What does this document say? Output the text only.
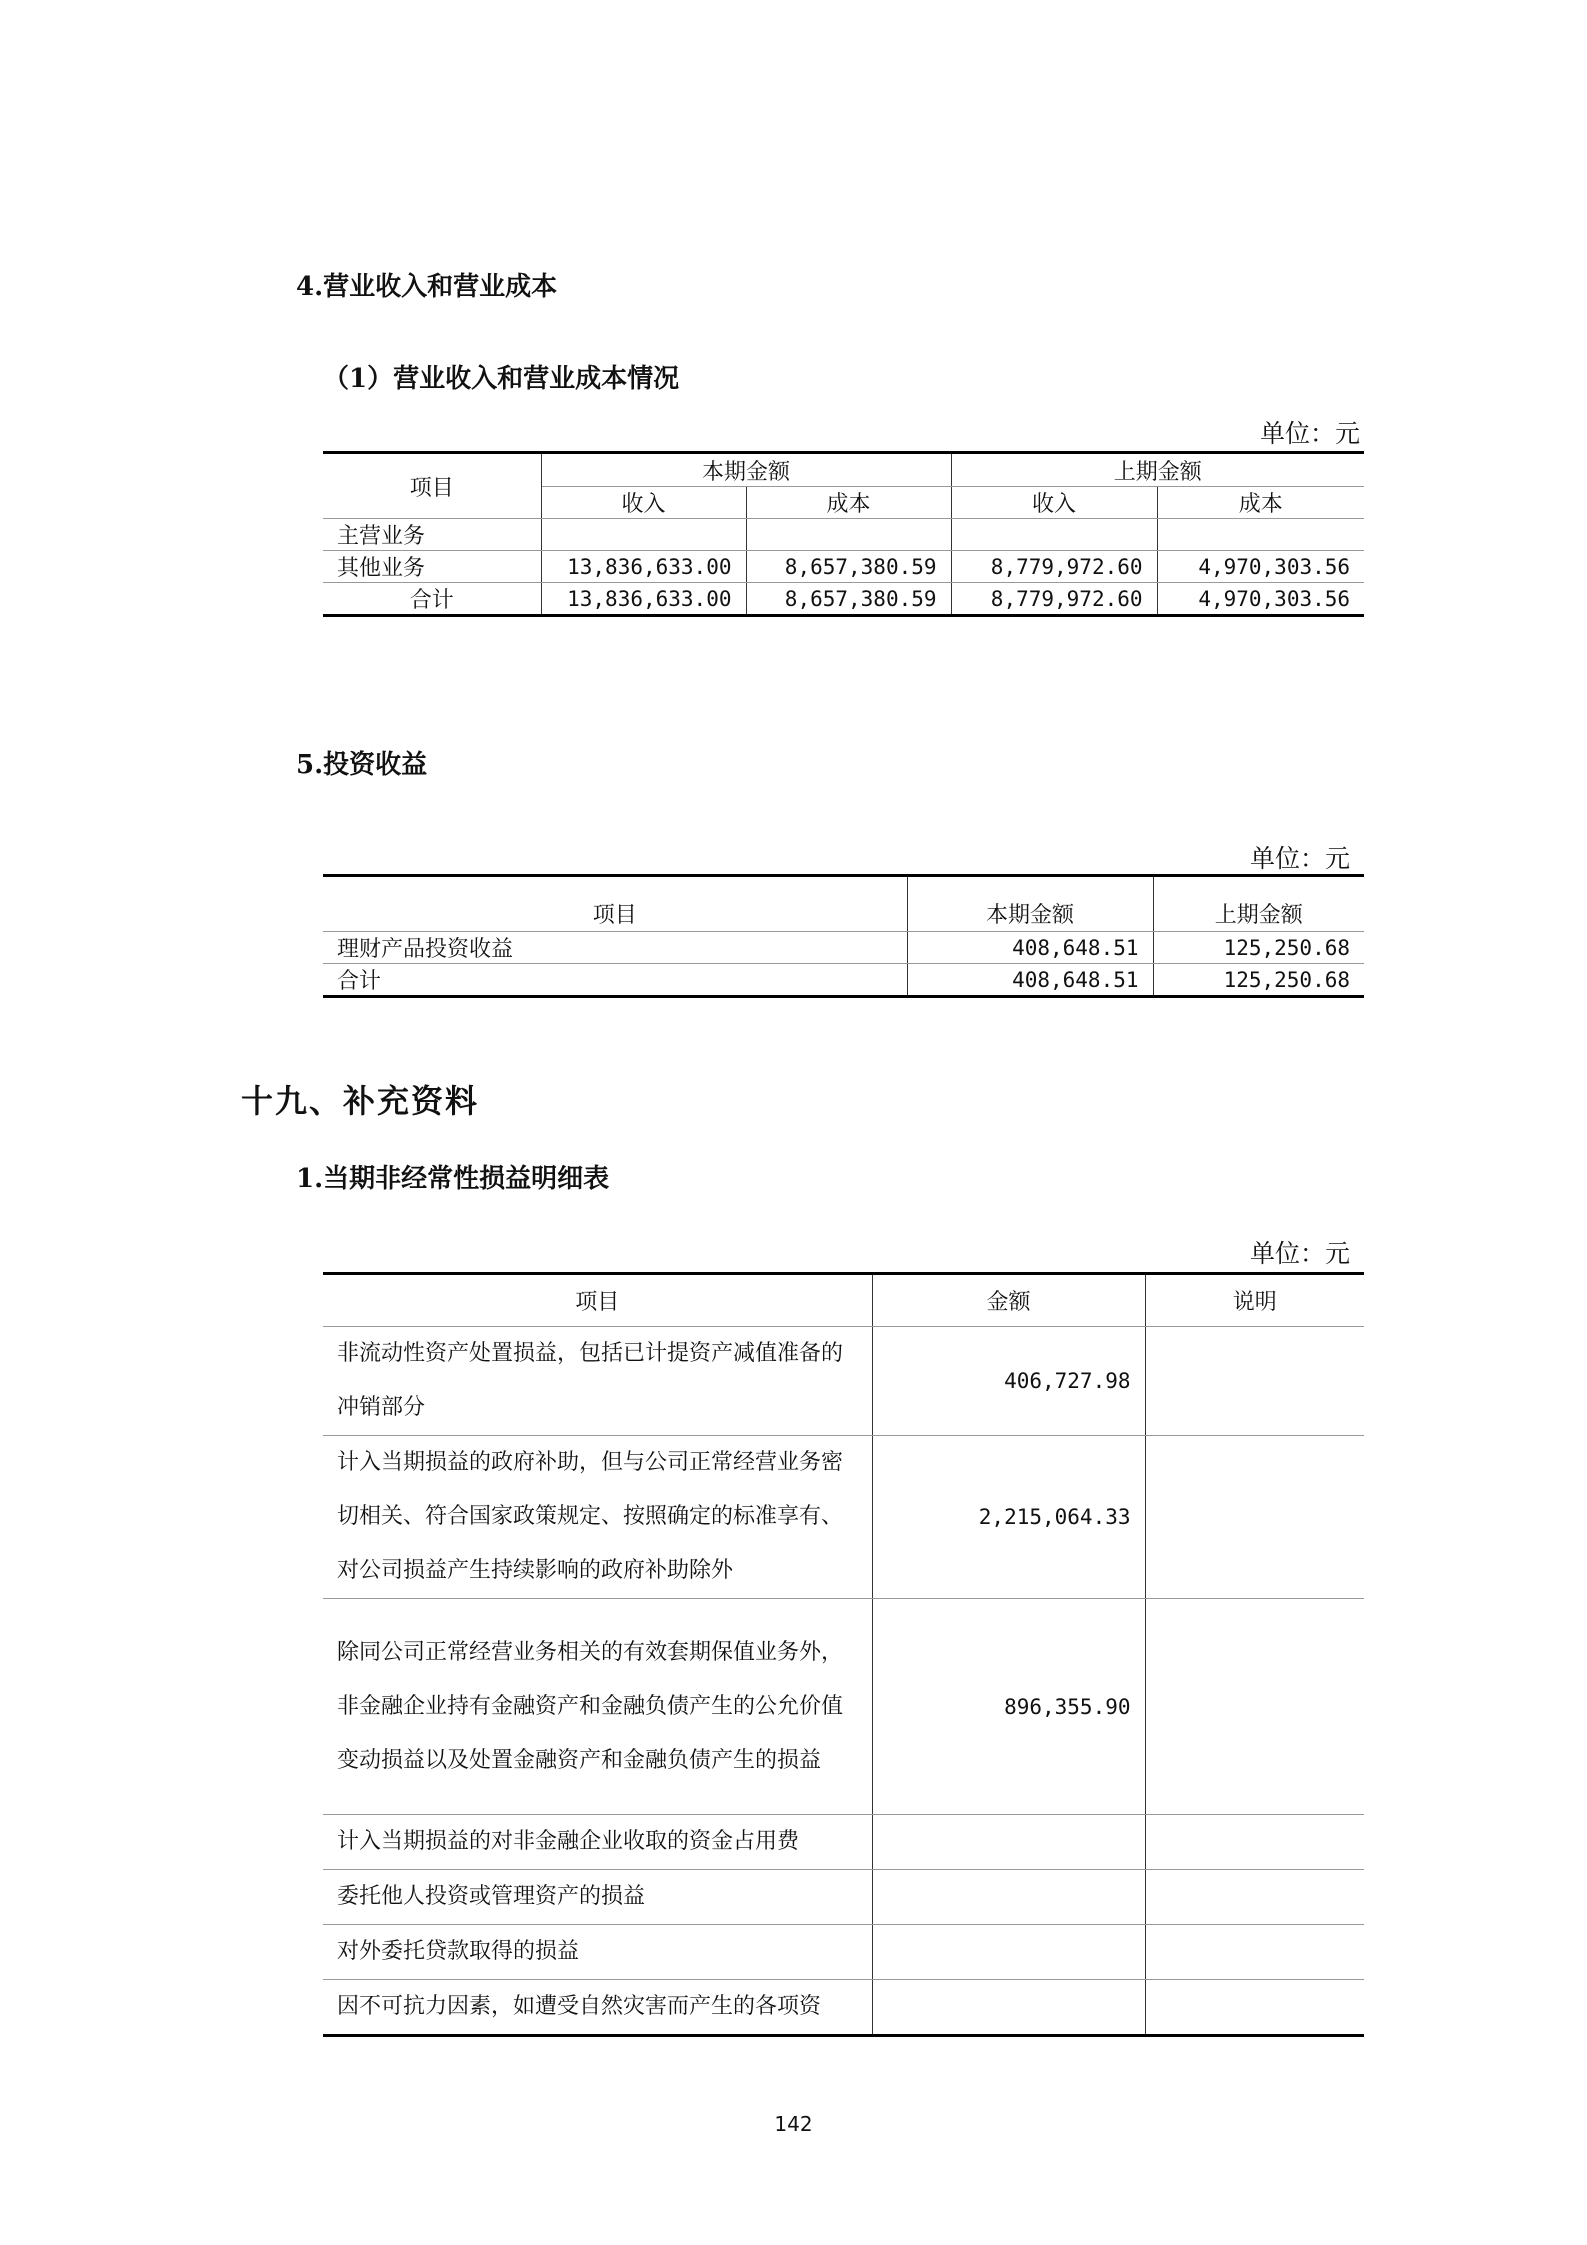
4.营业收入和营业成本
（1）营业收入和营业成本情况
单位：元
项目	本期金额		上期金额	
	收入	成本	收入	成本
主营业务				
其他业务	13,836,633.00	8,657,380.59	8,779,972.60	4,970,303.56
合计	13,836,633.00	8,657,380.59	8,779,972.60	4,970,303.56
5.投资收益
单位：元
项目	本期金额	上期金额
理财产品投资收益	408,648.51	125,250.68
合计	408,648.51	125,250.68
十九、补充资料
1.当期非经常性损益明细表
单位：元
项目	金额	说明
非流动性资产处置损益，包括已计提资产减值准备的冲销部分	406,727.98	
计入当期损益的政府补助，但与公司正常经营业务密切相关、符合国家政策规定、按照确定的标准享有、对公司损益产生持续影响的政府补助除外	2,215,064.33	
除同公司正常经营业务相关的有效套期保值业务外，非金融企业持有金融资产和金融负债产生的公允价值变动损益以及处置金融资产和金融负债产生的损益	896,355.90	
计入当期损益的对非金融企业收取的资金占用费		
委托他人投资或管理资产的损益		
对外委托贷款取得的损益		
因不可抗力因素，如遭受自然灾害而产生的各项资		
142
